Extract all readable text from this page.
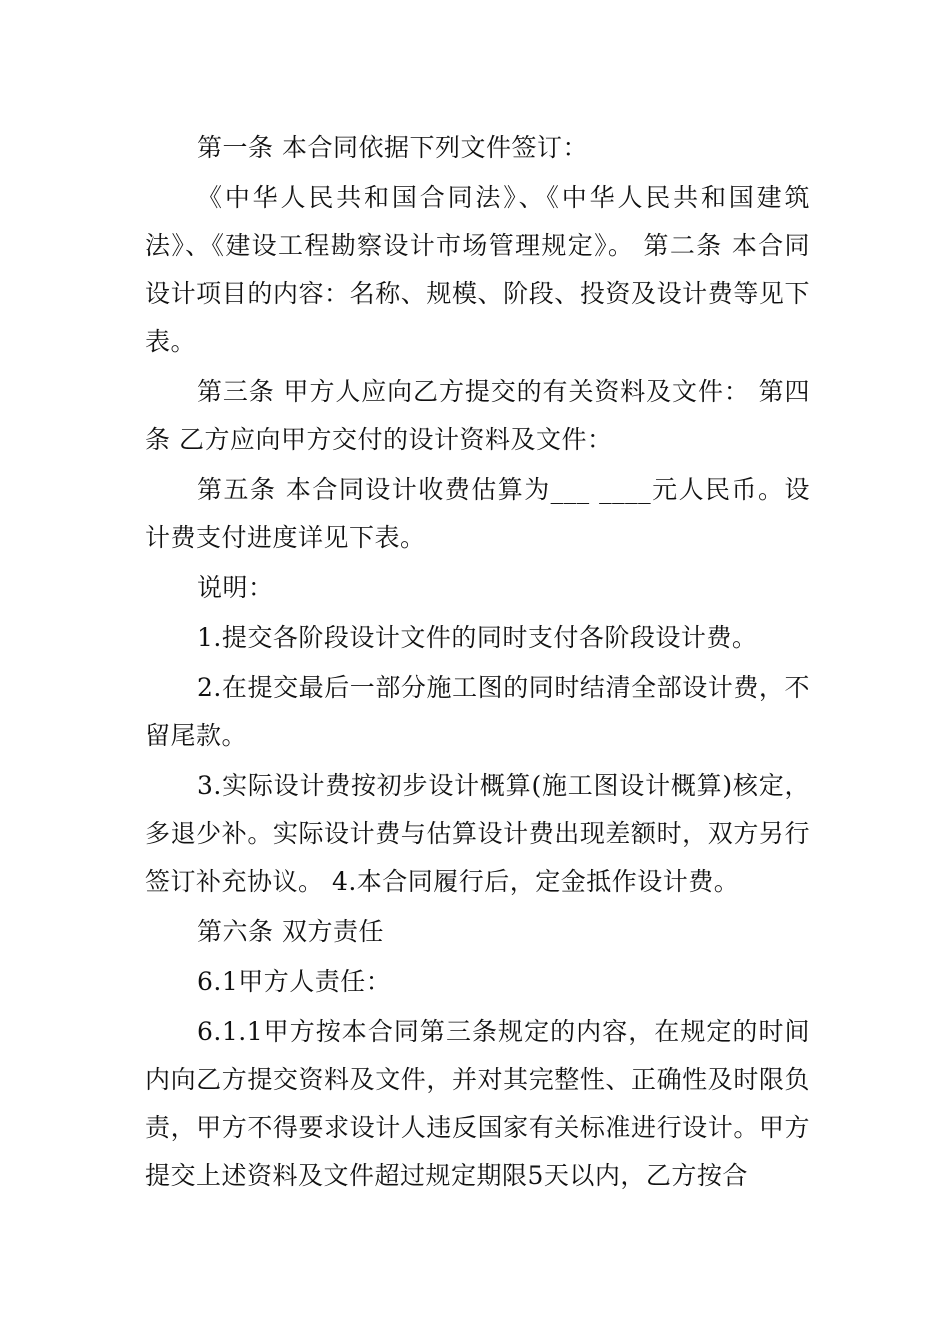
第一条 本合同依据下列文件签订：

《中华人民共和国合同法》、《中华人民共和国建筑法》、《建设工程勘察设计市场管理规定》。 第二条 本合同设计项目的内容：名称、规模、阶段、投资及设计费等见下表。

第三条 甲方人应向乙方提交的有关资料及文件： 第四条 乙方应向甲方交付的设计资料及文件：

第五条 本合同设计收费估算为___ ____元人民币。设计费支付进度详见下表。

说明：

1.提交各阶段设计文件的同时支付各阶段设计费。

2.在提交最后一部分施工图的同时结清全部设计费，不留尾款。

3.实际设计费按初步设计概算(施工图设计概算)核定，多退少补。实际设计费与估算设计费出现差额时，双方另行签订补充协议。 4.本合同履行后，定金抵作设计费。

第六条 双方责任

6.1甲方人责任：

6.1.1甲方按本合同第三条规定的内容，在规定的时间内向乙方提交资料及文件，并对其完整性、正确性及时限负责，甲方不得要求设计人违反国家有关标准进行设计。甲方提交上述资料及文件超过规定期限5天以内，乙方按合
